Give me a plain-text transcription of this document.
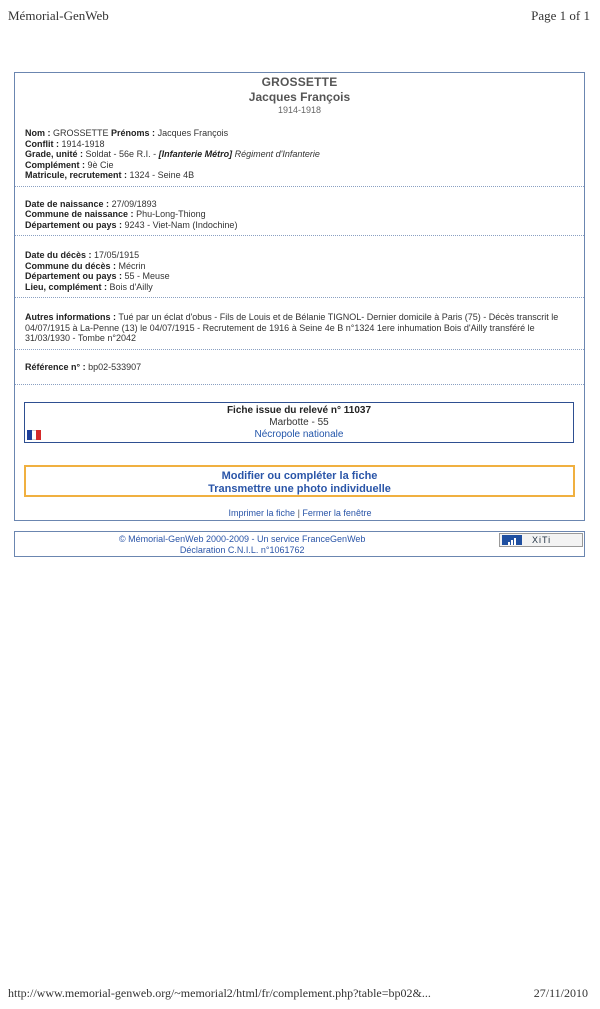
Mémorial-GenWeb	Page 1 of 1
GROSSETTE
Jacques François
1914-1918
Nom : GROSSETTE Prénoms : Jacques François
Conflit : 1914-1918
Grade, unité : Soldat - 56e R.I. - [Infanterie Métro] Régiment d'Infanterie
Complément : 9è Cie
Matricule, recrutement : 1324 - Seine 4B
Date de naissance : 27/09/1893
Commune de naissance : Phu-Long-Thiong
Département ou pays : 9243 - Viet-Nam (Indochine)
Date du décès : 17/05/1915
Commune du décès : Mécrin
Département ou pays : 55 - Meuse
Lieu, complément : Bois d'Ailly
Autres informations : Tué par un éclat d'obus - Fils de Louis et de Bélanie TIGNOL- Dernier domicile à Paris (75) - Décès transcrit le 04/07/1915 à La-Penne (13) le 04/07/1915 - Recrutement de 1916 à Seine 4e B n°1324 1ere inhumation Bois d'Ailly transféré le 31/03/1930 - Tombe n°2042
Référence n° : bp02-533907
Fiche issue du relevé n° 11037
Marbotte - 55
Nécropole nationale
Modifier ou compléter la fiche
Transmettre une photo individuelle
Imprimer la fiche | Fermer la fenêtre
© Mémorial-GenWeb 2000-2009 - Un service FranceGenWeb
Déclaration C.N.I.L. n°1061762
XiTi
http://www.memorial-genweb.org/~memorial2/html/fr/complement.php?table=bp02&...	27/11/2010
